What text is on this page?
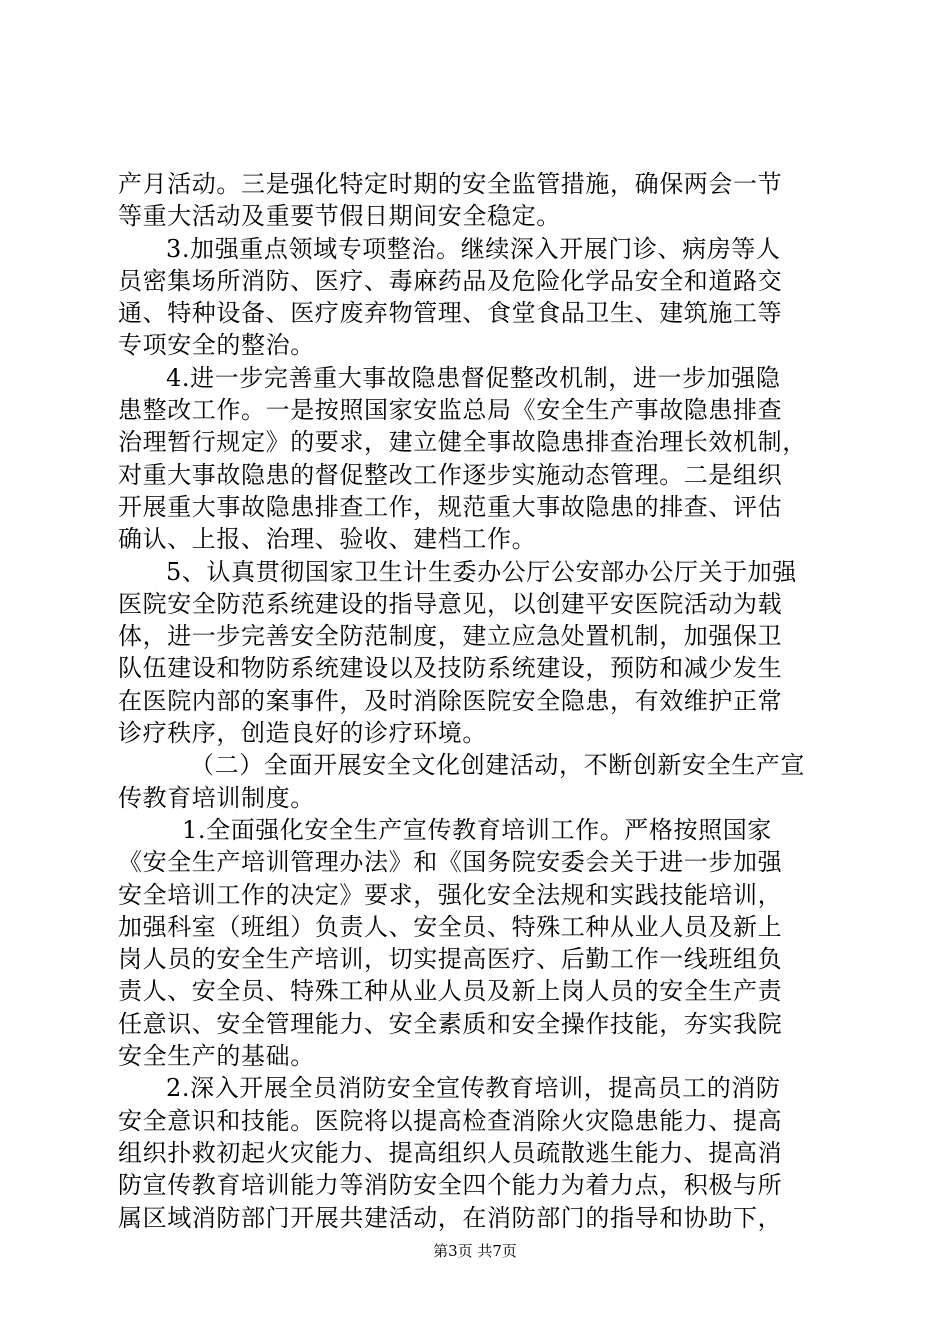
产月活动。三是强化特定时期的安全监管措施，确保两会一节
等重大活动及重要节假日期间安全稳定。
3.加强重点领域专项整治。继续深入开展门诊、病房等人
员密集场所消防、医疗、毒麻药品及危险化学品安全和道路交
通、特种设备、医疗废弃物管理、食堂食品卫生、建筑施工等
专项安全的整治。
4.进一步完善重大事故隐患督促整改机制，进一步加强隐
患整改工作。一是按照国家安监总局《安全生产事故隐患排查
治理暂行规定》的要求，建立健全事故隐患排查治理长效机制，
对重大事故隐患的督促整改工作逐步实施动态管理。二是组织
开展重大事故隐患排查工作，规范重大事故隐患的排查、评估
确认、上报、治理、验收、建档工作。
5、认真贯彻国家卫生计生委办公厅公安部办公厅关于加强
医院安全防范系统建设的指导意见，以创建平安医院活动为载
体，进一步完善安全防范制度，建立应急处置机制，加强保卫
队伍建设和物防系统建设以及技防系统建设，预防和减少发生
在医院内部的案事件，及时消除医院安全隐患，有效维护正常
诊疗秩序，创造良好的诊疗环境。
（二）全面开展安全文化创建活动，不断创新安全生产宣
传教育培训制度。
1.全面强化安全生产宣传教育培训工作。严格按照国家
《安全生产培训管理办法》和《国务院安委会关于进一步加强
安全培训工作的决定》要求，强化安全法规和实践技能培训，
加强科室（班组）负责人、安全员、特殊工种从业人员及新上
岗人员的安全生产培训，切实提高医疗、后勤工作一线班组负
责人、安全员、特殊工种从业人员及新上岗人员的安全生产责
任意识、安全管理能力、安全素质和安全操作技能，夯实我院
安全生产的基础。
2.深入开展全员消防安全宣传教育培训，提高员工的消防
安全意识和技能。医院将以提高检查消除火灾隐患能力、提高
组织扑救初起火灾能力、提高组织人员疏散逃生能力、提高消
防宣传教育培训能力等消防安全四个能力为着力点，积极与所
属区域消防部门开展共建活动，在消防部门的指导和协助下，
第3页 共7页
